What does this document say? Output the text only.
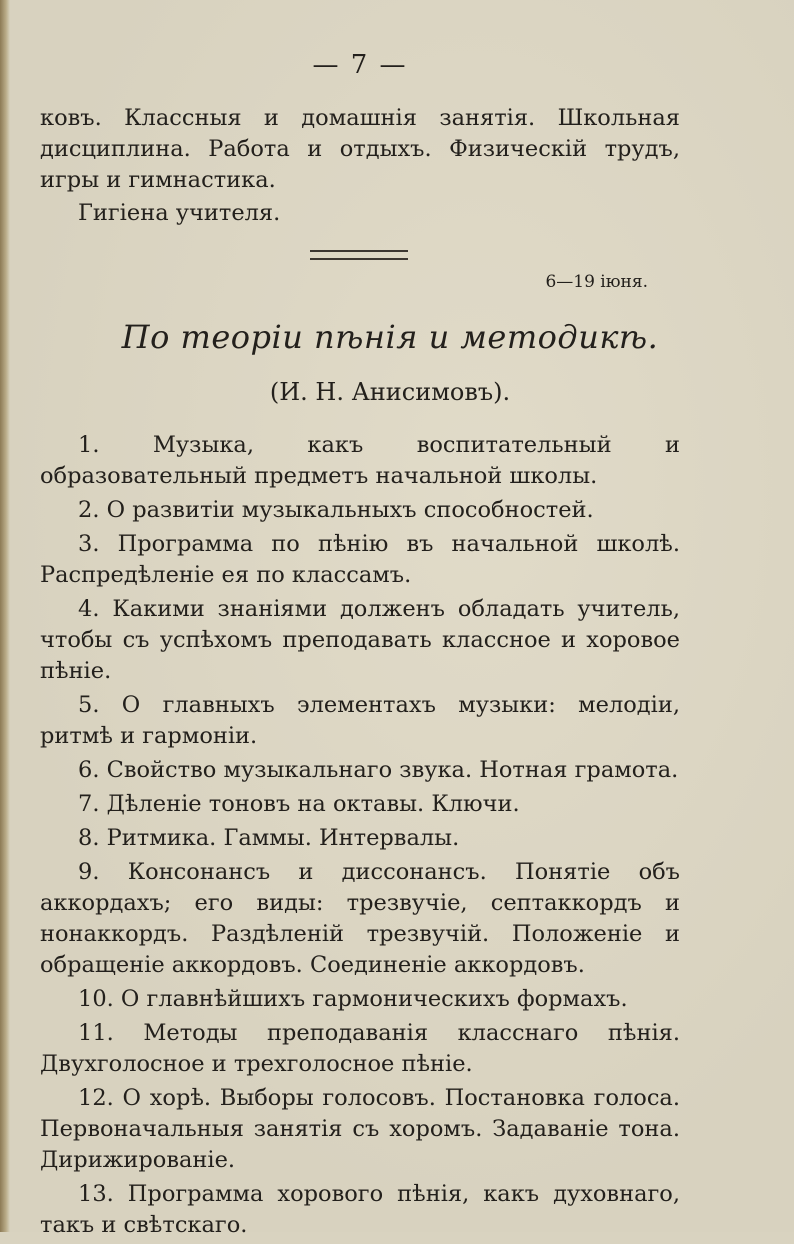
— 7 —

ковъ. Классныя и домашнія занятія. Школьная дисциплина. Работа и отдыхъ. Физическій трудъ, игры и гимнастика.

Гигіена учителя.

6—19 іюня.
По теоріи пѣнія и методикѣ.
(И. Н. Анисимовъ).

1. Музыка, какъ воспитательный и образовательный предметъ начальной школы.

2. О развитіи музыкальныхъ способностей.

3. Программа по пѣнію въ начальной школѣ. Распредѣленіе ея по классамъ.

4. Какими знаніями долженъ обладать учитель, чтобы съ успѣхомъ преподавать классное и хоровое пѣніе.

5. О главныхъ элементахъ музыки: мелодіи, ритмѣ и гармоніи.

6. Свойство музыкальнаго звука. Нотная грамота.

7. Дѣленіе тоновъ на октавы. Ключи.

8. Ритмика. Гаммы. Интервалы.

9. Консонансъ и диссонансъ. Понятіе объ аккордахъ; его виды: трезвучіе, септаккордъ и нонаккордъ. Раздѣленій трезвучій. Положеніе и обращеніе аккордовъ. Соединеніе аккордовъ.

10. О главнѣйшихъ гармоническихъ формахъ.

11. Методы преподаванія класснаго пѣнія. Двухголосное и трехголосное пѣніе.

12. О хорѣ. Выборы голосовъ. Постановка голоса. Первоначальныя занятія съ хоромъ. Задаваніе тона. Дирижированіе.

13. Программа хорового пѣнія, какъ духовнаго, такъ и свѣтскаго.
